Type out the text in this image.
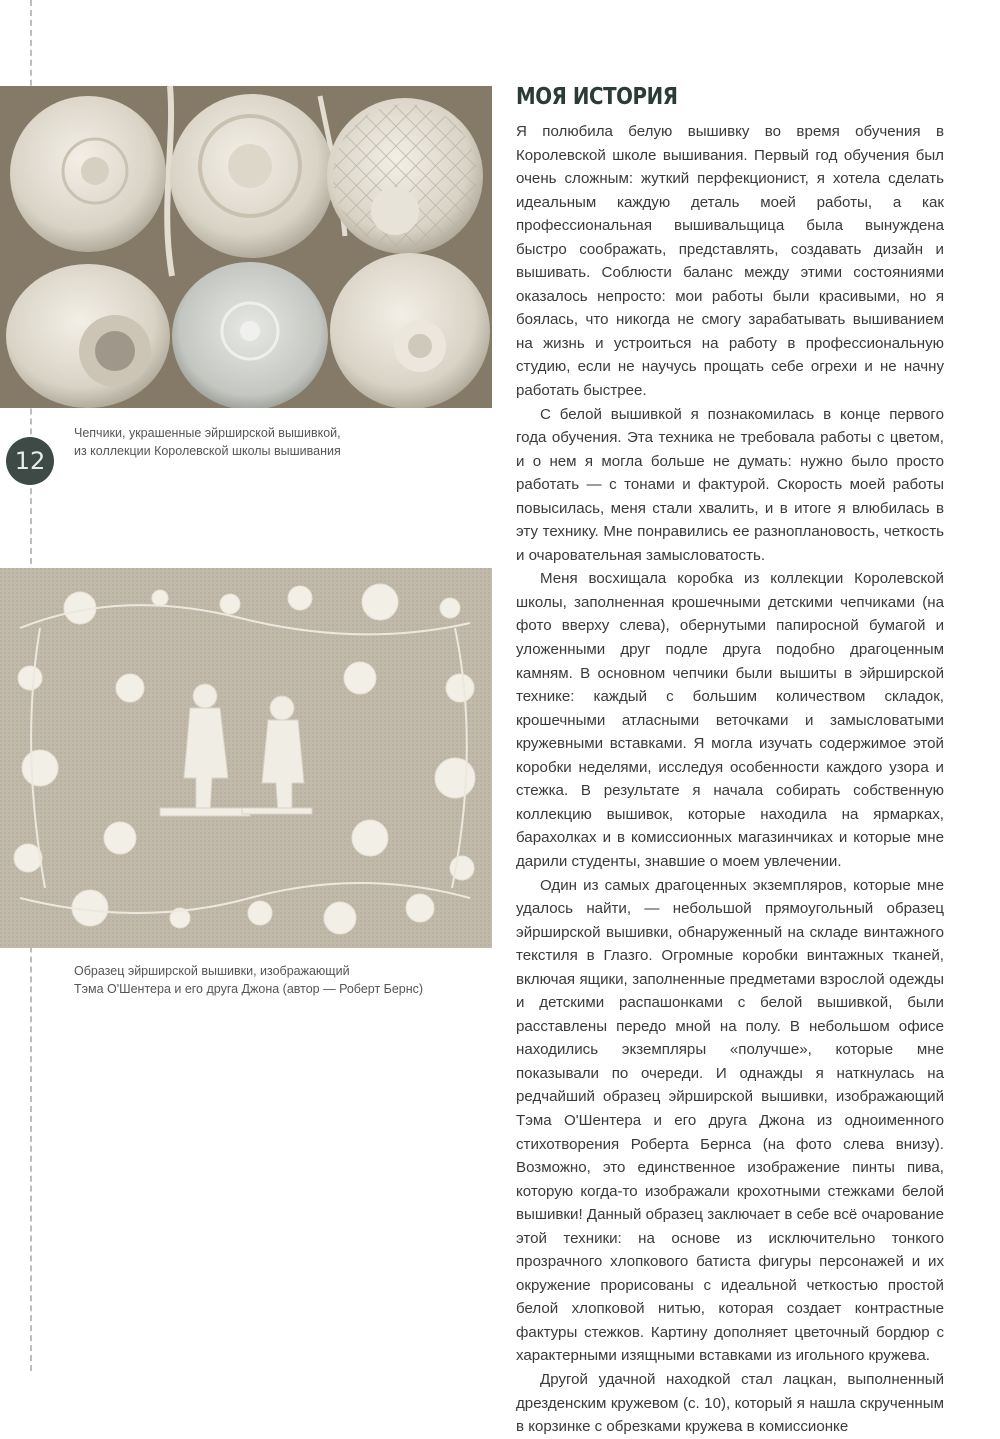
Чепчики, украшенные эйрширской вышивкой,
из коллекции Королевской школы вышивания
12
Образец эйрширской вышивки, изображающий
Тэма О'Шентера и его друга Джона (автор — Роберт Бернс)
МОЯ ИСТОРИЯ

Я полюбила белую вышивку во время обучения в Королевской школе вышивания. Первый год обучения был очень сложным: жуткий перфекционист, я хотела сделать идеальным каждую деталь моей работы, а как профессиональная вышивальщица была вынуждена быстро соображать, представлять, создавать дизайн и вышивать. Соблюсти баланс между этими состояниями оказалось непросто: мои работы были красивыми, но я боялась, что никогда не смогу зарабатывать вышиванием на жизнь и устроиться на работу в профессиональную студию, если не научусь прощать себе огрехи и не начну работать быстрее.

С белой вышивкой я познакомилась в конце первого года обучения. Эта техника не требовала работы с цветом, и о нем я могла больше не думать: нужно было просто работать — с тонами и фактурой. Скорость моей работы повысилась, меня стали хвалить, и в итоге я влюбилась в эту технику. Мне понравились ее разноплановость, четкость и очаровательная замысловатость.

Меня восхищала коробка из коллекции Королевской школы, заполненная крошечными детскими чепчиками (на фото вверху слева), обернутыми папиросной бумагой и уложенными друг подле друга подобно драгоценным камням. В основном чепчики были вышиты в эйрширской технике: каждый с большим количеством складок, крошечными атласными веточками и замысловатыми кружевными вставками. Я могла изучать содержимое этой коробки неделями, исследуя особенности каждого узора и стежка. В результате я начала собирать собственную коллекцию вышивок, которые находила на ярмарках, барахолках и в комиссионных магазинчиках и которые мне дарили студенты, знавшие о моем увлечении.

Один из самых драгоценных экземпляров, которые мне удалось найти, — небольшой прямоугольный образец эйрширской вышивки, обнаруженный на складе винтажного текстиля в Глазго. Огромные коробки винтажных тканей, включая ящики, заполненные предметами взрослой одежды и детскими распашонками с белой вышивкой, были расставлены передо мной на полу. В небольшом офисе находились экземпляры «получше», которые мне показывали по очереди. И однажды я наткнулась на редчайший образец эйрширской вышивки, изображающий Тэма О'Шентера и его друга Джона из одноименного стихотворения Роберта Бернса (на фото слева внизу). Возможно, это единственное изображение пинты пива, которую когда-то изображали крохотными стежками белой вышивки! Данный образец заключает в себе всё очарование этой техники: на основе из исключительно тонкого прозрачного хлопкового батиста фигуры персонажей и их окружение прорисованы с идеальной четкостью простой белой хлопковой нитью, которая создает контрастные фактуры стежков. Картину дополняет цветочный бордюр с характерными изящными вставками из игольного кружева.

Другой удачной находкой стал лацкан, выполненный дрезденским кружевом (с. 10), который я нашла скрученным в корзинке с обрезками кружева в комиссионке
